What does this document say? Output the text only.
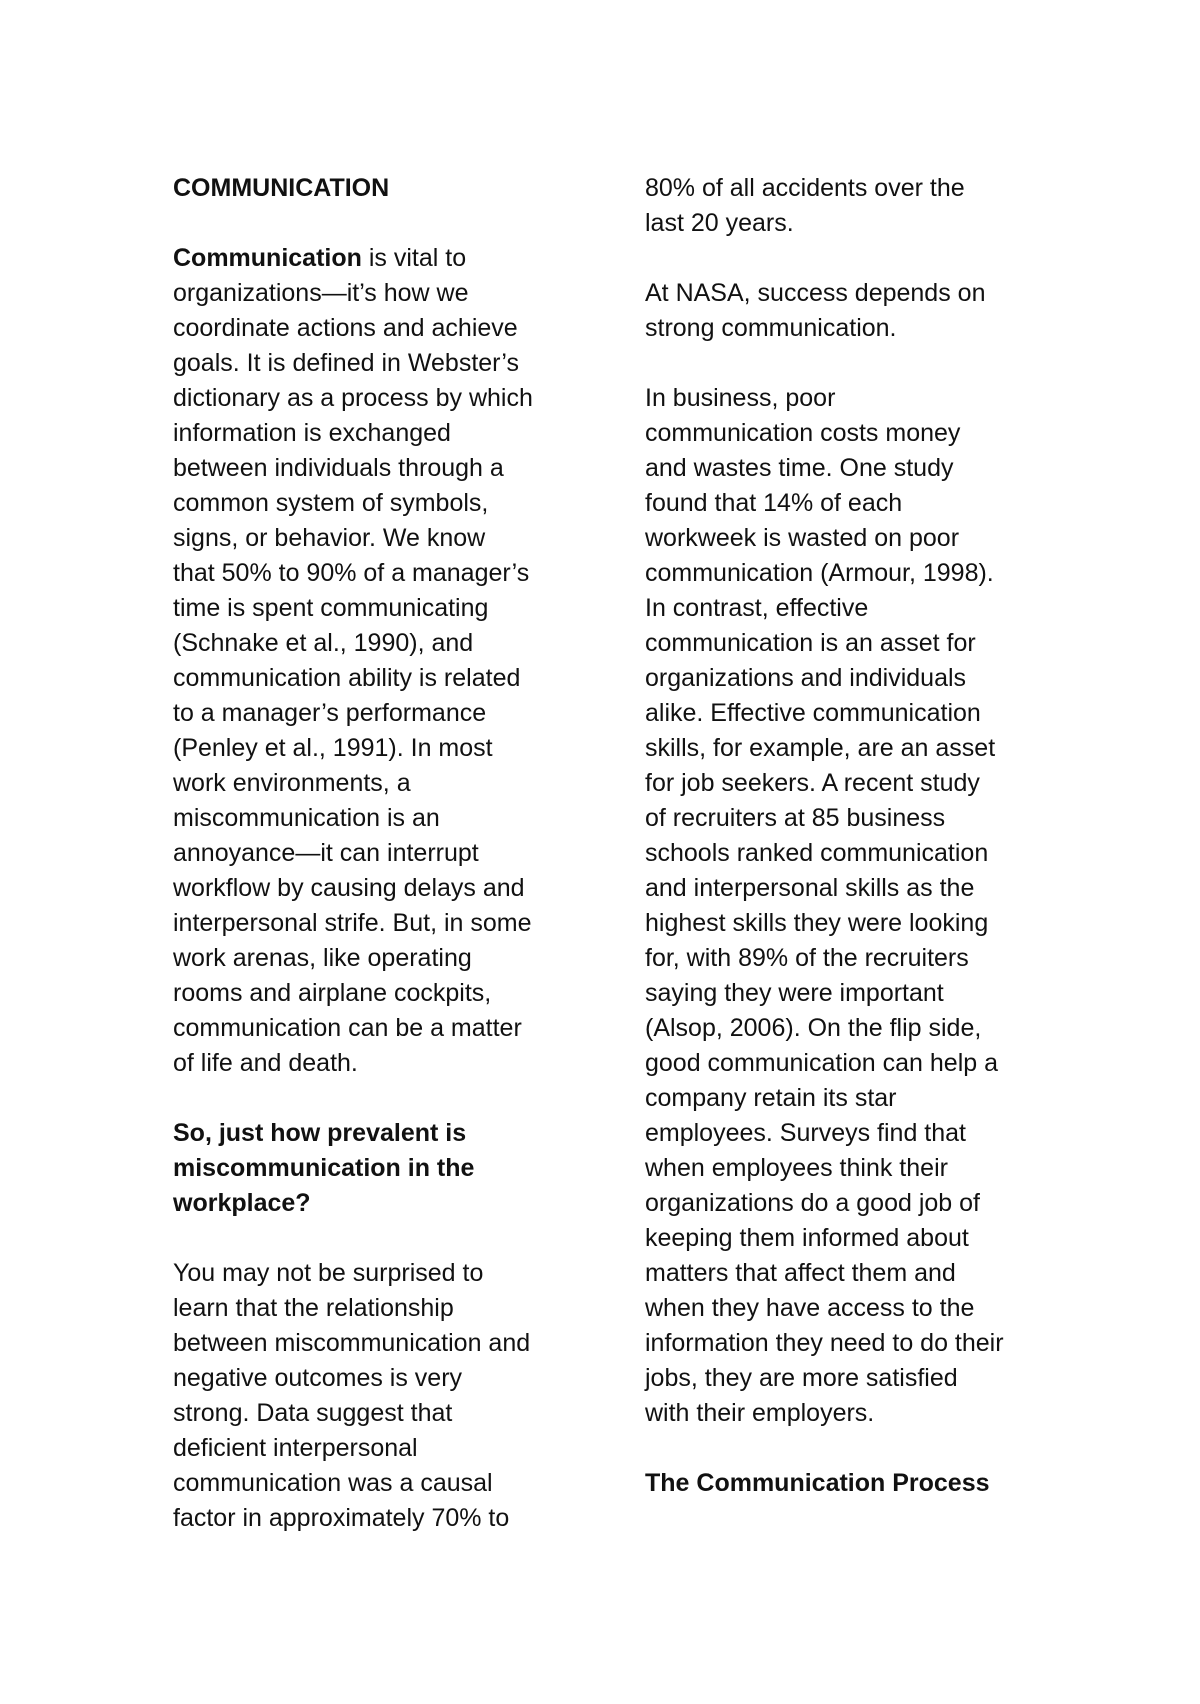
COMMUNICATION
Communication is vital to
organizations—it’s how we
coordinate actions and achieve
goals. It is defined in Webster’s
dictionary as a process by which
information is exchanged
between individuals through a
common system of symbols,
signs, or behavior. We know
that 50% to 90% of a manager’s
time is spent communicating
(Schnake et al., 1990), and
communication ability is related
to a manager’s performance
(Penley et al., 1991). In most
work environments, a
miscommunication is an
annoyance—it can interrupt
workflow by causing delays and
interpersonal strife. But, in some
work arenas, like operating
rooms and airplane cockpits,
communication can be a matter
of life and death.
So, just how prevalent is
miscommunication in the
workplace?
You may not be surprised to
learn that the relationship
between miscommunication and
negative outcomes is very
strong. Data suggest that
deficient interpersonal
communication was a causal
factor in approximately 70% to
80% of all accidents over the
last 20 years.
At NASA, success depends on
strong communication.
In business, poor
communication costs money
and wastes time. One study
found that 14% of each
workweek is wasted on poor
communication (Armour, 1998).
In contrast, effective
communication is an asset for
organizations and individuals
alike. Effective communication
skills, for example, are an asset
for job seekers. A recent study
of recruiters at 85 business
schools ranked communication
and interpersonal skills as the
highest skills they were looking
for, with 89% of the recruiters
saying they were important
(Alsop, 2006). On the flip side,
good communication can help a
company retain its star
employees. Surveys find that
when employees think their
organizations do a good job of
keeping them informed about
matters that affect them and
when they have access to the
information they need to do their
jobs, they are more satisfied
with their employers.
The Communication Process
